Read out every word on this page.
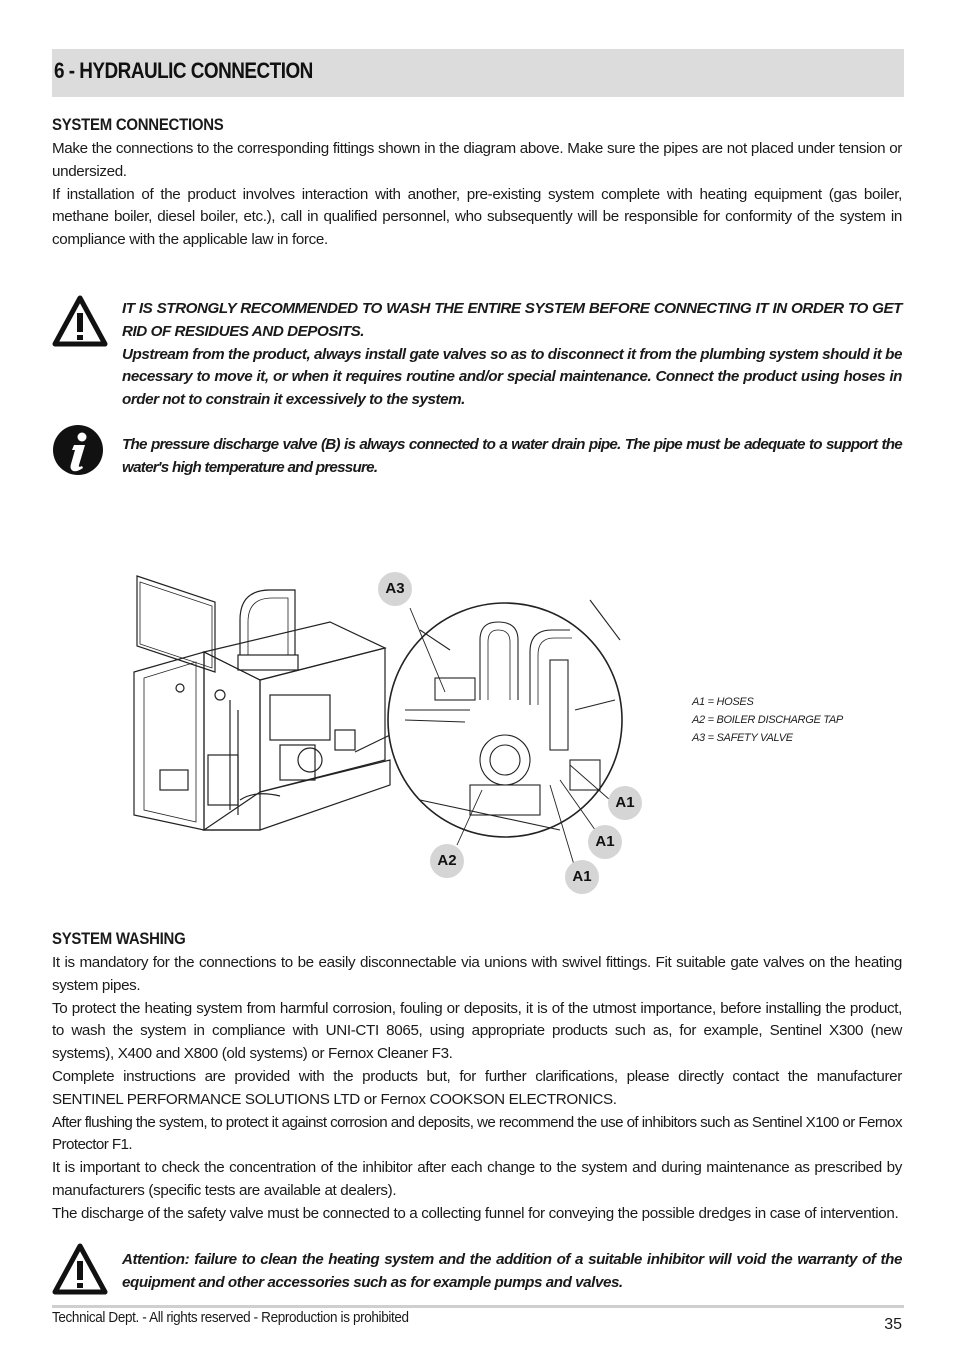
6 - HYDRAULIC CONNECTION
SYSTEM CONNECTIONS

Make the connections to the corresponding fittings shown in the diagram above. Make sure the pipes are not placed under tension or undersized.

If installation of the product involves interaction with another, pre-existing system complete with heating equipment (gas boiler, methane boiler, diesel boiler, etc.), call in qualified personnel, who subsequently will be responsible for conformity of the system in compliance with the applicable law in force.

IT IS STRONGLY RECOMMENDED TO WASH THE ENTIRE SYSTEM BEFORE CONNECTING IT IN ORDER TO GET RID OF RESIDUES AND DEPOSITS.

Upstream from the product, always install gate valves so as to disconnect it from the plumbing system should it be necessary to move it, or when it requires routine and/or special maintenance. Connect the product using hoses in order not to constrain it excessively to the system.

The pressure discharge valve (B) is always connected to a water drain pipe. The pipe must be adequate to support the water's high temperature and pressure.

A3
A2
A1
A1
A1
A1 = HOSES
A2 = BOILER DISCHARGE TAP
A3 = SAFETY VALVE
SYSTEM WASHING

It is mandatory for the connections to be easily disconnectable via unions with swivel fittings. Fit suitable gate valves on the heating system pipes.

To protect the heating system from harmful corrosion, fouling or deposits, it is of the utmost importance, before installing the product, to wash the system in compliance with UNI-CTI 8065, using appropriate products such as, for example, Sentinel X300 (new systems), X400 and X800 (old systems) or Fernox Cleaner F3.

Complete instructions are provided with the products but, for further clarifications, please directly contact the manufacturer SENTINEL PERFORMANCE SOLUTIONS LTD or Fernox COOKSON ELECTRONICS.

After flushing the system, to protect it against corrosion and deposits, we recommend the use of inhibitors such as Sentinel X100 or Fernox Protector F1.

It is important to check the concentration of the inhibitor after each change to the system and during maintenance as prescribed by manufacturers (specific tests are available at dealers).

The discharge of the safety valve must be connected to a collecting funnel for conveying the possible dredges in case of intervention.

Attention: failure to clean the heating system and the addition of a suitable inhibitor will void the warranty of the equipment and other accessories such as for example pumps and valves.

Technical Dept. - All rights reserved - Reproduction is prohibited	35
